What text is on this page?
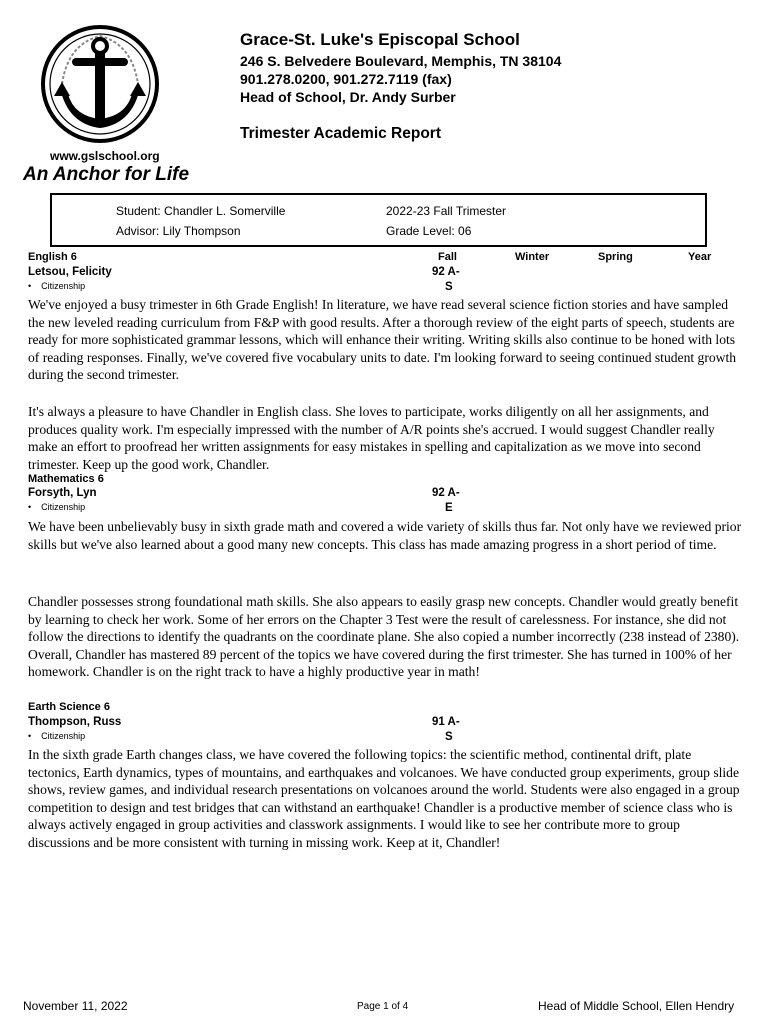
www.gslschool.org
An Anchor for Life
Grace-St. Luke's Episcopal School
246 S. Belvedere Boulevard, Memphis, TN 38104
901.278.0200, 901.272.7119 (fax)
Head of School, Dr. Andy Surber
Trimester Academic Report
Student: Chandler L. Somerville
Advisor: Lily Thompson
2022-23 Fall Trimester
Grade Level: 06
English 6	Fall	Winter	Spring	Year
Letsou, Felicity	92 A-
•    Citizenship	S

We've enjoyed a busy trimester in 6th Grade English! In literature, we have read several science fiction stories and have sampled the new leveled reading curriculum from F&P with good results. After a thorough review of the eight parts of speech, students are ready for more sophisticated grammar lessons, which will enhance their writing. Writing skills also continue to be honed with lots of reading responses. Finally, we've covered five vocabulary units to date. I'm looking forward to seeing continued student growth during the second trimester.

It's always a pleasure to have Chandler in English class. She loves to participate, works diligently on all her assignments, and produces quality work. I'm especially impressed with the number of A/R points she's accrued. I would suggest Chandler really make an effort to proofread her written assignments for easy mistakes in spelling and capitalization as we move into second trimester. Keep up the good work, Chandler.

Mathematics 6
Forsyth, Lyn	92 A-
•    Citizenship	E

We have been unbelievably busy in sixth grade math and covered a wide variety of skills thus far. Not only have we reviewed prior skills but we've also learned about a good many new concepts. This class has made amazing progress in a short period of time.

Chandler possesses strong foundational math skills. She also appears to easily grasp new concepts. Chandler would greatly benefit by learning to check her work. Some of her errors on the Chapter 3 Test were the result of carelessness. For instance, she did not follow the directions to identify the quadrants on the coordinate plane. She also copied a number incorrectly (238 instead of 2380). Overall, Chandler has mastered 89 percent of the topics we have covered during the first trimester. She has turned in 100% of her homework. Chandler is on the right track to have a highly productive year in math!

Earth Science 6
Thompson, Russ	91 A-
•    Citizenship	S

In the sixth grade Earth changes class, we have covered the following topics: the scientific method, continental drift, plate tectonics, Earth dynamics, types of mountains, and earthquakes and volcanoes. We have conducted group experiments, group slide shows, review games, and individual research presentations on volcanoes around the world. Students were also engaged in a group competition to design and test bridges that can withstand an earthquake! Chandler is a productive member of science class who is always actively engaged in group activities and classwork assignments. I would like to see her contribute more to group discussions and be more consistent with turning in missing work. Keep at it, Chandler!

November 11, 2022	Page 1 of 4	Head of Middle School, Ellen Hendry
